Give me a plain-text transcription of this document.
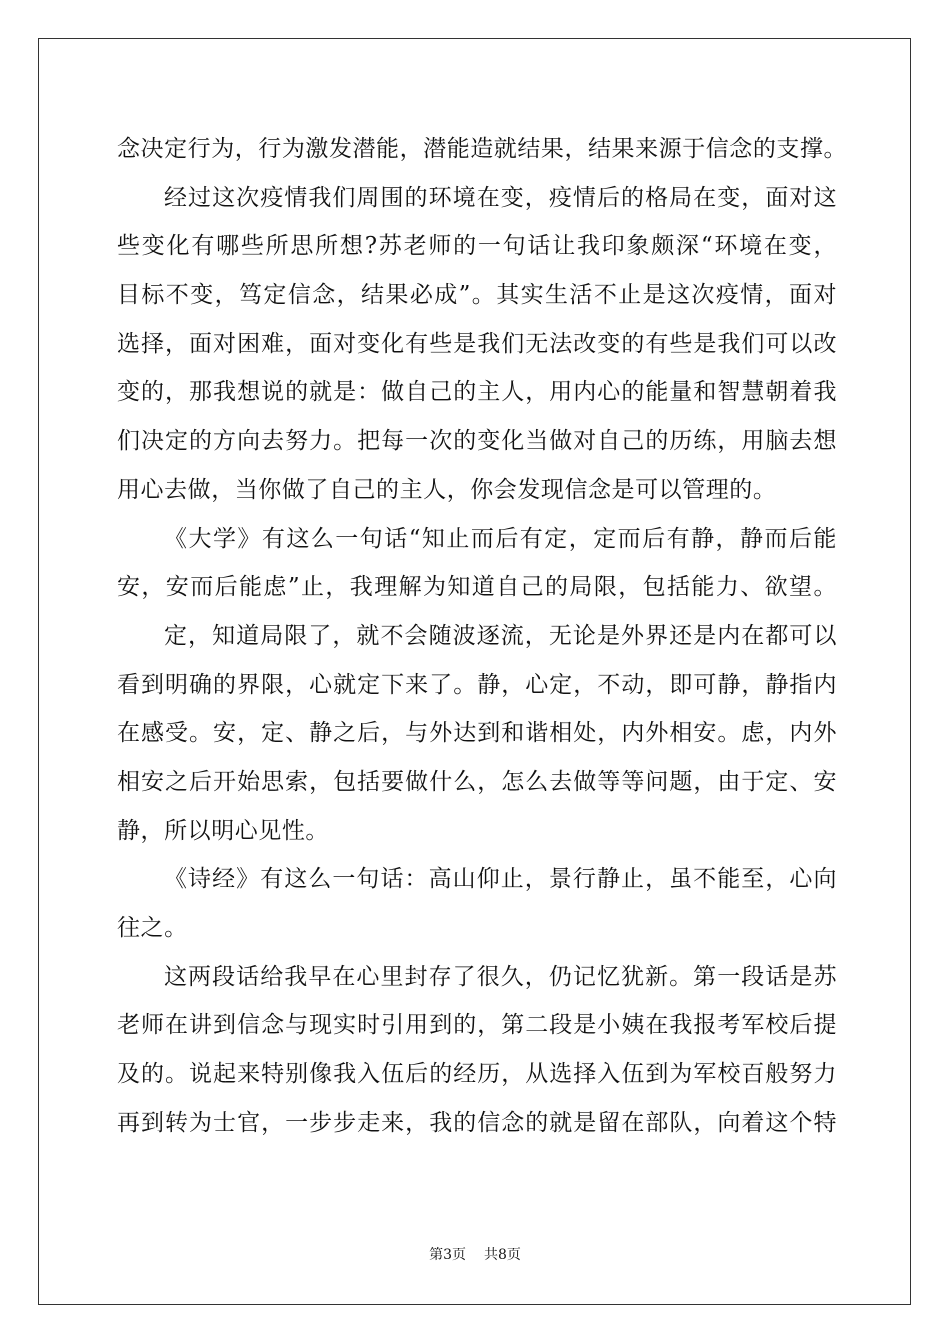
念决定行为，行为激发潜能，潜能造就结果，结果来源于信念的支撑。
经过这次疫情我们周围的环境在变，疫情后的格局在变，面对这
些变化有哪些所思所想?苏老师的一句话让我印象颇深“环境在变，
目标不变，笃定信念，结果必成”。其实生活不止是这次疫情，面对
选择，面对困难，面对变化有些是我们无法改变的有些是我们可以改
变的，那我想说的就是：做自己的主人，用内心的能量和智慧朝着我
们决定的方向去努力。把每一次的变化当做对自己的历练，用脑去想
用心去做，当你做了自己的主人，你会发现信念是可以管理的。
《大学》有这么一句话“知止而后有定，定而后有静，静而后能
安，安而后能虑”止，我理解为知道自己的局限，包括能力、欲望。
定，知道局限了，就不会随波逐流，无论是外界还是内在都可以
看到明确的界限，心就定下来了。静，心定，不动，即可静，静指内
在感受。安，定、静之后，与外达到和谐相处，内外相安。虑，内外
相安之后开始思索，包括要做什么，怎么去做等等问题，由于定、安
静，所以明心见性。
《诗经》有这么一句话：高山仰止，景行静止，虽不能至，心向
往之。
这两段话给我早在心里封存了很久，仍记忆犹新。第一段话是苏
老师在讲到信念与现实时引用到的，第二段是小姨在我报考军校后提
及的。说起来特别像我入伍后的经历，从选择入伍到为军校百般努力
再到转为士官，一步步走来，我的信念的就是留在部队，向着这个特
第3页 共8页
